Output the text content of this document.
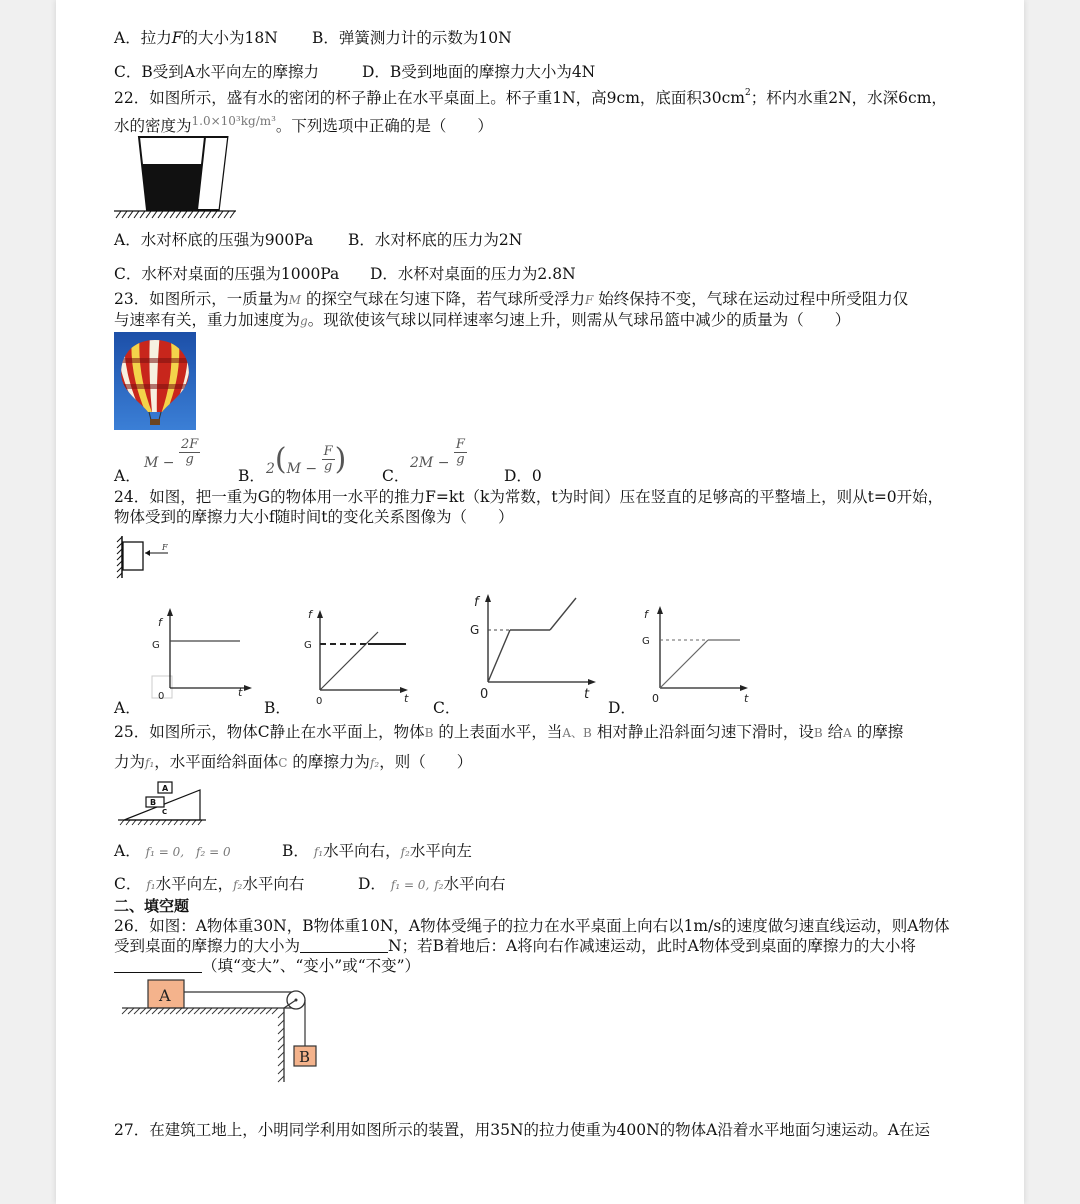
A．拉力F的大小为18N B．弹簧测力计的示数为10N
C．B受到A水平向左的摩擦力	D．B受到地面的摩擦力大小为4N
22．如图所示，盛有水的密闭的杯子静止在水平桌面上。杯子重1N，高9cm，底面积$30cm^2$；杯内水重2N，水深6cm，
水的密度为$^{1.0\times 10^3kg/m^3}$。下列选项中正确的是（　　）
A．水对杯底的压强为900Pa B．水对杯底的压力为2N
C．水杯对桌面的压强为1000Pa D．水杯对桌面的压力为2.8N
23．如图所示，一质量为M 的探空气球在匀速下降，若气球所受浮力F 始终保持不变，气球在运动过程中所受阻力仅
与速率有关，重力加速度为g。现欲使该气球以同样速率匀速上升，则需从气球吊篮中减少的质量为（　　）
A．
$M - \frac{2F}{g}$
B． $2(M - \frac{F}{g}$ ) C．
$2M - \frac{F}{g}$
D．0
24．如图，把一重为G的物体用一水平的推力F=kt（k为常数，t为时间）压在竖直的足够高的平整墙上，则从t=0开始，
物体受到的摩擦力大小f随时间t的变化关系图像为（　　）
F
A．	B．	C．	D．
f
G
0	t
f
G
0	t
f
G
0	t
f
G
0	t
25．如图所示，物体C静止在水平面上，物体B 的上表面水平，当A、B 相对静止沿斜面匀速下滑时，设B 给A 的摩擦
力为f₁，水平面给斜面体C 的摩擦力为f₂，则（　　）
A
B
C
A． f₁ = 0,　f₂ = 0	B． f₁水平向右，f₂水平向左
C． f₁水平向左，f₂水平向右	D． f₁ = 0, f₂水平向右
二、填空题
26．如图：A物体重30N，B物体重10N，A物体受绳子的拉力在水平桌面上向右以1m/s的速度做匀速直线运动，则A物体
受到桌面的摩擦力的大小为	N；若B着地后：A将向右作减速运动，此时A物体受到桌面的摩擦力的大小将
（填“变大”、“变小”或“不变”）
A
B
27．在建筑工地上，小明同学利用如图所示的装置，用35N的拉力使重为400N的物体A沿着水平地面匀速运动。A在运
